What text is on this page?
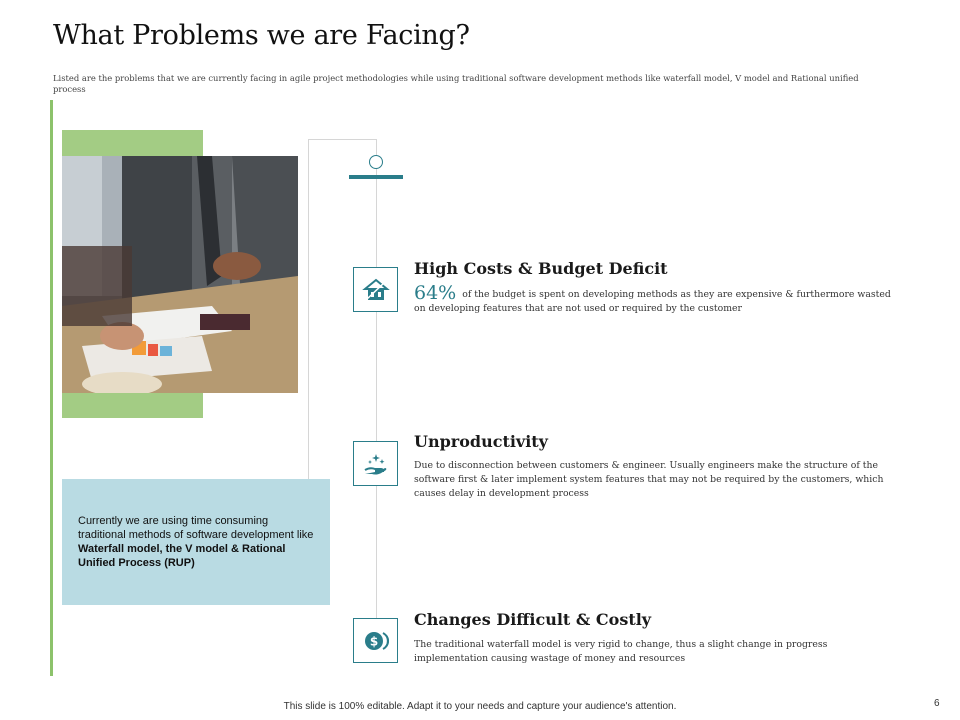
What Problems we are Facing?

Listed are the problems that we are currently facing in agile project methodologies while using traditional software development methods like waterfall model, V model and Rational unified process

Currently we are using time consuming traditional methods of software development like Waterfall model, the V model & Rational Unified Process (RUP)

High Costs & Budget Deficit
64% of the budget is spent on developing methods as they are expensive & furthermore wasted on developing features that are not used or required by the customer
Unproductivity
Due to disconnection between customers & engineer. Usually engineers make the structure of the software first & later implement system features that may not be required by the customers, which causes delay in development process
$
Changes Difficult & Costly
The traditional waterfall model is very rigid to change, thus a slight change in progress implementation causing wastage of money and resources
This slide is 100% editable. Adapt it to your needs and capture your audience's attention.	6
